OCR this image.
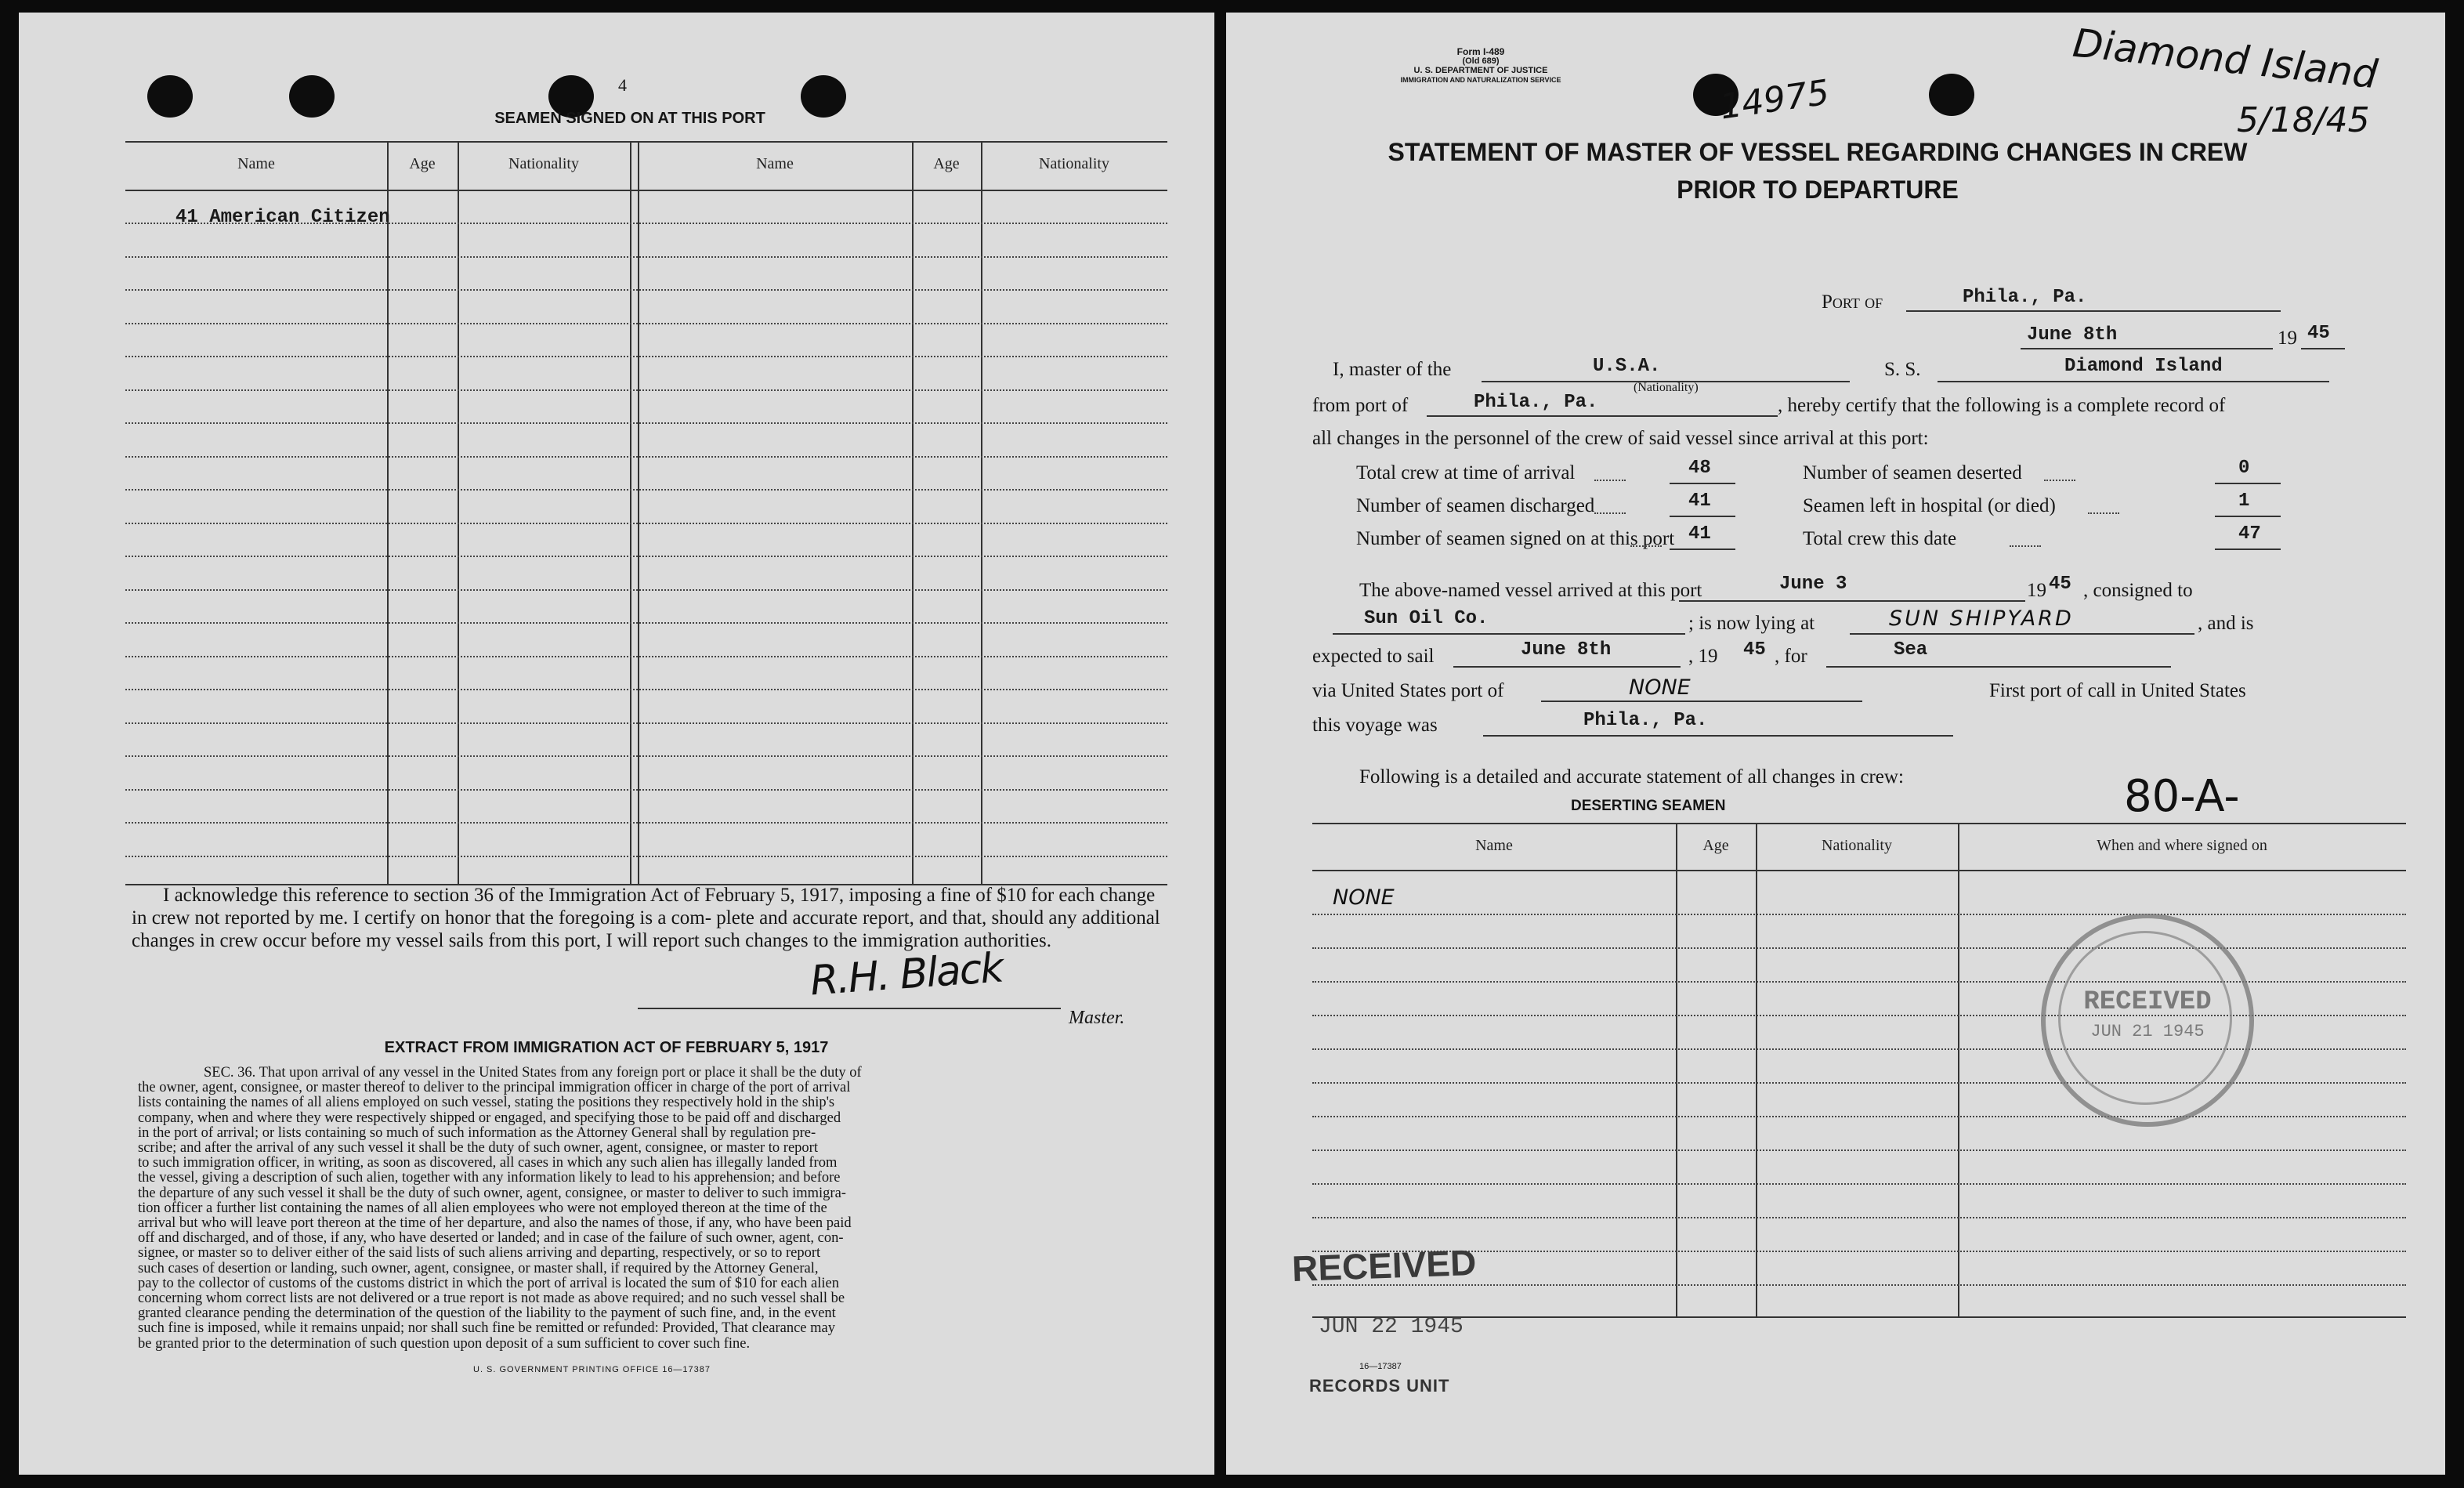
4
SEAMEN SIGNED ON AT THIS PORT
Name	Age	Nationality	Name	Age	Nationality
41 American Citizen
I acknowledge this reference to section 36 of the Immigration Act of February 5, 1917, imposing a fine of $10 for each change in crew not reported by me. I certify on honor that the foregoing is a com- plete and accurate report, and that, should any additional changes in crew occur before my vessel sails from this port, I will report such changes to the immigration authorities.
R.H. Black
Master.
EXTRACT FROM IMMIGRATION ACT OF FEBRUARY 5, 1917
SEC. 36. That upon arrival of any vessel in the United States from any foreign port or place it shall be the duty of
the owner, agent, consignee, or master thereof to deliver to the principal immigration officer in charge of the port of arrival
lists containing the names of all aliens employed on such vessel, stating the positions they respectively hold in the ship's
company, when and where they were respectively shipped or engaged, and specifying those to be paid off and discharged
in the port of arrival; or lists containing so much of such information as the Attorney General shall by regulation pre-
scribe; and after the arrival of any such vessel it shall be the duty of such owner, agent, consignee, or master to report
to such immigration officer, in writing, as soon as discovered, all cases in which any such alien has illegally landed from
the vessel, giving a description of such alien, together with any information likely to lead to his apprehension; and before
the departure of any such vessel it shall be the duty of such owner, agent, consignee, or master to deliver to such immigra-
tion officer a further list containing the names of all alien employees who were not employed thereon at the time of the
arrival but who will leave port thereon at the time of her departure, and also the names of those, if any, who have been paid
off and discharged, and of those, if any, who have deserted or landed; and in case of the failure of such owner, agent, con-
signee, or master so to deliver either of the said lists of such aliens arriving and departing, respectively, or so to report
such cases of desertion or landing, such owner, agent, consignee, or master shall, if required by the Attorney General,
pay to the collector of customs of the customs district in which the port of arrival is located the sum of $10 for each alien
concerning whom correct lists are not delivered or a true report is not made as above required; and no such vessel shall be
granted clearance pending the determination of the question of the liability to the payment of such fine, and, in the event
such fine is imposed, while it remains unpaid; nor shall such fine be remitted or refunded: Provided, That clearance may
be granted prior to the determination of such question upon deposit of a sum sufficient to cover such fine.
U. S. GOVERNMENT PRINTING OFFICE 16—17387
Form I-489
(Old 689)
U. S. DEPARTMENT OF JUSTICE
IMMIGRATION AND NATURALIZATION SERVICE	14975
Diamond Island
5/18/45
STATEMENT OF MASTER OF VESSEL REGARDING CHANGES IN CREW
PRIOR TO DEPARTURE
Port of	Phila., Pa.
June 8th	19 45
I, master of the	U.S.A.
(Nationality)
S. S.	Diamond Island
from port of	Phila., Pa.	, hereby certify that the following is a complete record of
all changes in the personnel of the crew of said vessel since arrival at this port:
Total crew at time of arrival	48	Number of seamen deserted	0
Number of seamen discharged	41	Seamen left in hospital (or died)	1
Number of seamen signed on at this port 41	Total crew this date	47
The above-named vessel arrived at this port	June 3	19 45 , consigned to
Sun Oil Co.	; is now lying at	SUN SHIPYARD	, and is
expected to sail	June 8th	, 19 45 , for	Sea
via United States port of	NONE	First port of call in United States
this voyage was	Phila., Pa.
Following is a detailed and accurate statement of all changes in crew:
DESERTING SEAMEN	80-A-
Name	Age	Nationality	When and where signed on
NONE
RECEIVED
JUN 21 1945
RECEIVED
JUN 22 1945
16—17387
RECORDS UNIT
